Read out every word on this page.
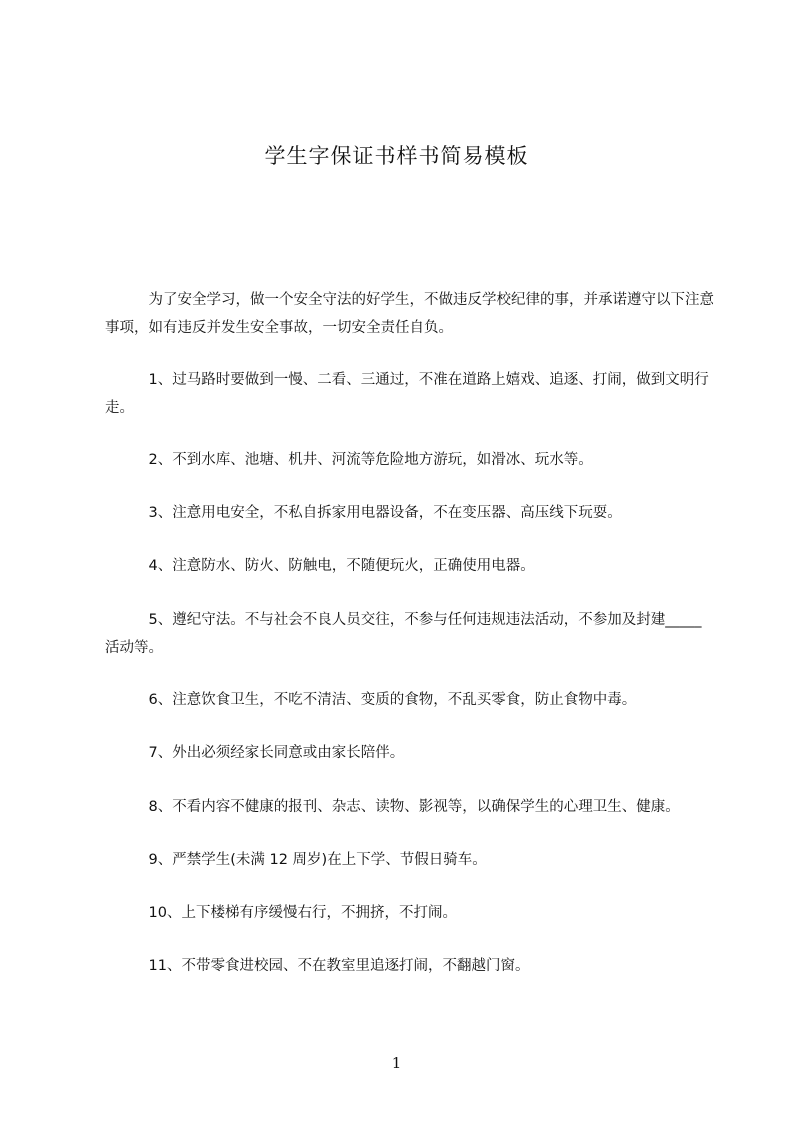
学生字保证书样书简易模板
　　　为了安全学习，做一个安全守法的好学生，不做违反学校纪律的事，并承诺遵守以下注意事项，如有违反并发生安全事故，一切安全责任自负。
　　　1、过马路时要做到一慢、二看、三通过，不准在道路上嬉戏、追逐、打闹，做到文明行走。
　　　2、不到水库、池塘、机井、河流等危险地方游玩，如滑冰、玩水等。
　　　3、注意用电安全，不私自拆家用电器设备，不在变压器、高压线下玩耍。
　　　4、注意防水、防火、防触电，不随便玩火，正确使用电器。
　　　5、遵纪守法。不与社会不良人员交往，不参与任何违规违法活动，不参加及封建_____活动等。
　　　6、注意饮食卫生，不吃不清洁、变质的食物，不乱买零食，防止食物中毒。
　　　7、外出必须经家长同意或由家长陪伴。
　　　8、不看内容不健康的报刊、杂志、读物、影视等，以确保学生的心理卫生、健康。
　　　9、严禁学生(未满 12 周岁)在上下学、节假日骑车。
　　　10、上下楼梯有序缓慢右行，不拥挤，不打闹。
　　　11、不带零食进校园、不在教室里追逐打闹，不翻越门窗。
1
